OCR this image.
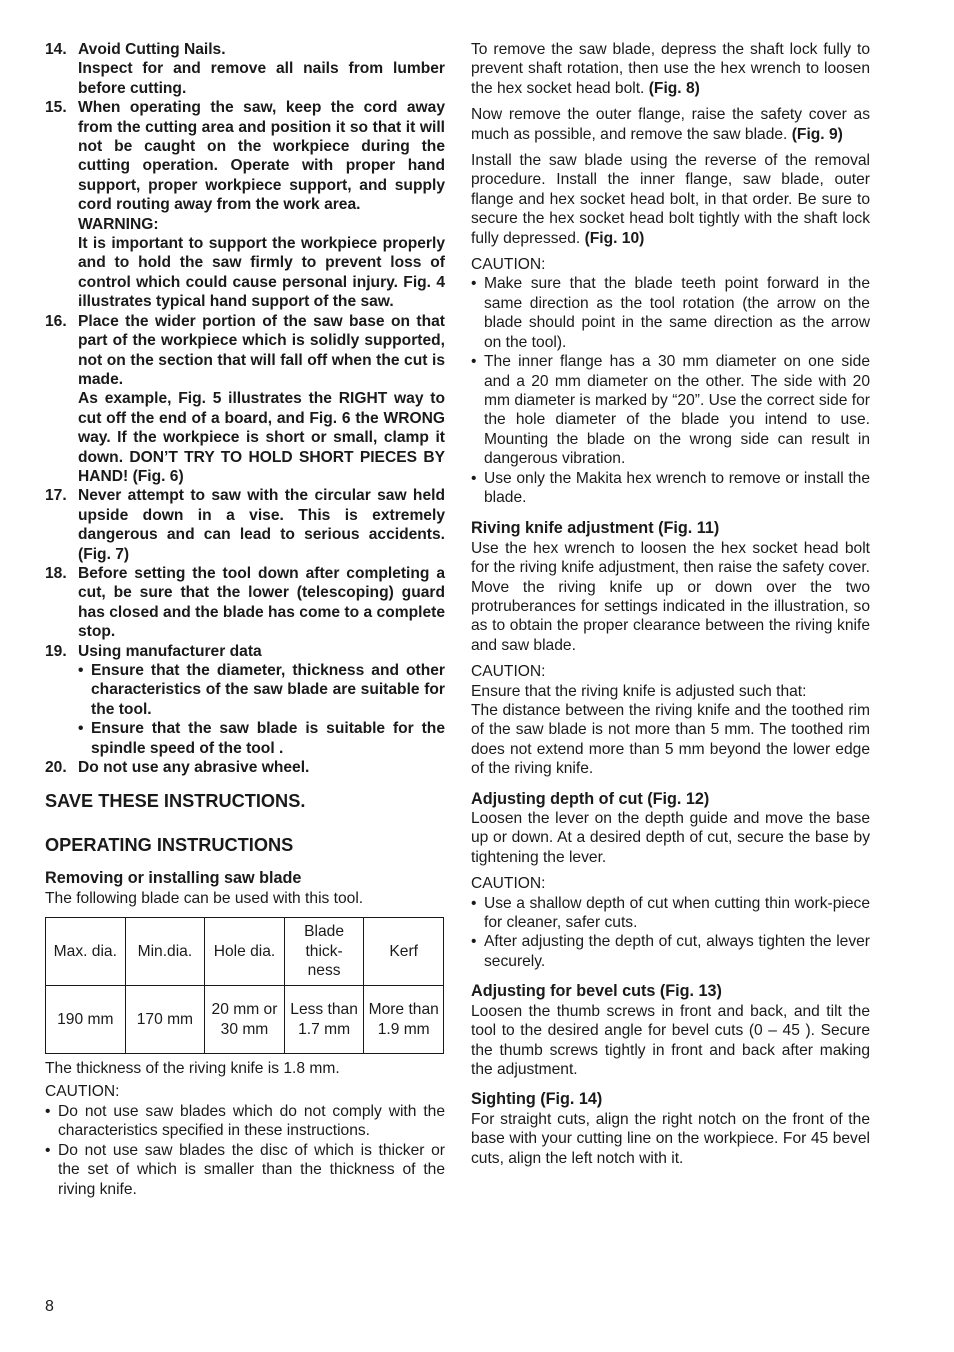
14. Avoid Cutting Nails.

Inspect for and remove all nails from lumber before cutting.

15. When operating the saw, keep the cord away from the cutting area and position it so that it will not be caught on the workpiece during the cutting operation. Operate with proper hand support, proper workpiece support, and supply cord routing away from the work area.

WARNING:

It is important to support the workpiece properly and to hold the saw firmly to prevent loss of control which could cause personal injury. Fig. 4 illustrates typical hand support of the saw.

16. Place the wider portion of the saw base on that part of the workpiece which is solidly supported, not on the section that will fall off when the cut is made.

As example, Fig. 5 illustrates the RIGHT way to cut off the end of a board, and Fig. 6 the WRONG way. If the workpiece is short or small, clamp it down. DON’T TRY TO HOLD SHORT PIECES BY HAND! (Fig. 6)

17. Never attempt to saw with the circular saw held upside down in a vise. This is extremely dangerous and can lead to serious accidents. (Fig. 7)

18. Before setting the tool down after completing a cut, be sure that the lower (telescoping) guard has closed and the blade has come to a complete stop.

19. Using manufacturer data

• Ensure that the diameter, thickness and other characteristics of the saw blade are suitable for the tool.
• Ensure that the saw blade is suitable for the spindle speed of the tool .
20. Do not use any abrasive wheel.

SAVE THESE INSTRUCTIONS.

OPERATING INSTRUCTIONS

Removing or installing saw blade

The following blade can be used with this tool.

Max. dia.	Min.dia.	Hole dia.	Blade thick- ness	Kerf
190 mm	170 mm	20 mm or 30 mm	Less than 1.7 mm	More than 1.9 mm

The thickness of the riving knife is 1.8 mm.

CAUTION:

• Do not use saw blades which do not comply with the characteristics specified in these instructions.
• Do not use saw blades the disc of which is thicker or the set of which is smaller than the thickness of the riving knife.

To remove the saw blade, depress the shaft lock fully to prevent shaft rotation, then use the hex wrench to loosen the hex socket head bolt. (Fig. 8)

Now remove the outer flange, raise the safety cover as much as possible, and remove the saw blade. (Fig. 9)

Install the saw blade using the reverse of the removal procedure. Install the inner flange, saw blade, outer flange and hex socket head bolt, in that order. Be sure to secure the hex socket head bolt tightly with the shaft lock fully depressed. (Fig. 10)

CAUTION:

• Make sure that the blade teeth point forward in the same direction as the tool rotation (the arrow on the blade should point in the same direction as the arrow on the tool).
• The inner flange has a 30 mm diameter on one side and a 20 mm diameter on the other. The side with 20 mm diameter is marked by “20”. Use the correct side for the hole diameter of the blade you intend to use. Mounting the blade on the wrong side can result in dangerous vibration.
• Use only the Makita hex wrench to remove or install the blade.

Riving knife adjustment (Fig. 11)

Use the hex wrench to loosen the hex socket head bolt for the riving knife adjustment, then raise the safety cover. Move the riving knife up or down over the two protruberances for settings indicated in the illustration, so as to obtain the proper clearance between the riving knife and saw blade.

CAUTION:

Ensure that the riving knife is adjusted such that:

The distance between the riving knife and the toothed rim of the saw blade is not more than 5 mm. The toothed rim does not extend more than 5 mm beyond the lower edge of the riving knife.

Adjusting depth of cut (Fig. 12)

Loosen the lever on the depth guide and move the base up or down. At a desired depth of cut, secure the base by tightening the lever.

CAUTION:

• Use a shallow depth of cut when cutting thin work-piece for cleaner, safer cuts.
• After adjusting the depth of cut, always tighten the lever securely.

Adjusting for bevel cuts (Fig. 13)

Loosen the thumb screws in front and back, and tilt the tool to the desired angle for bevel cuts (0 – 45 ). Secure the thumb screws tightly in front and back after making the adjustment.

Sighting (Fig. 14)

For straight cuts, align the right notch on the front of the base with your cutting line on the workpiece. For 45 bevel cuts, align the left notch with it.

8
